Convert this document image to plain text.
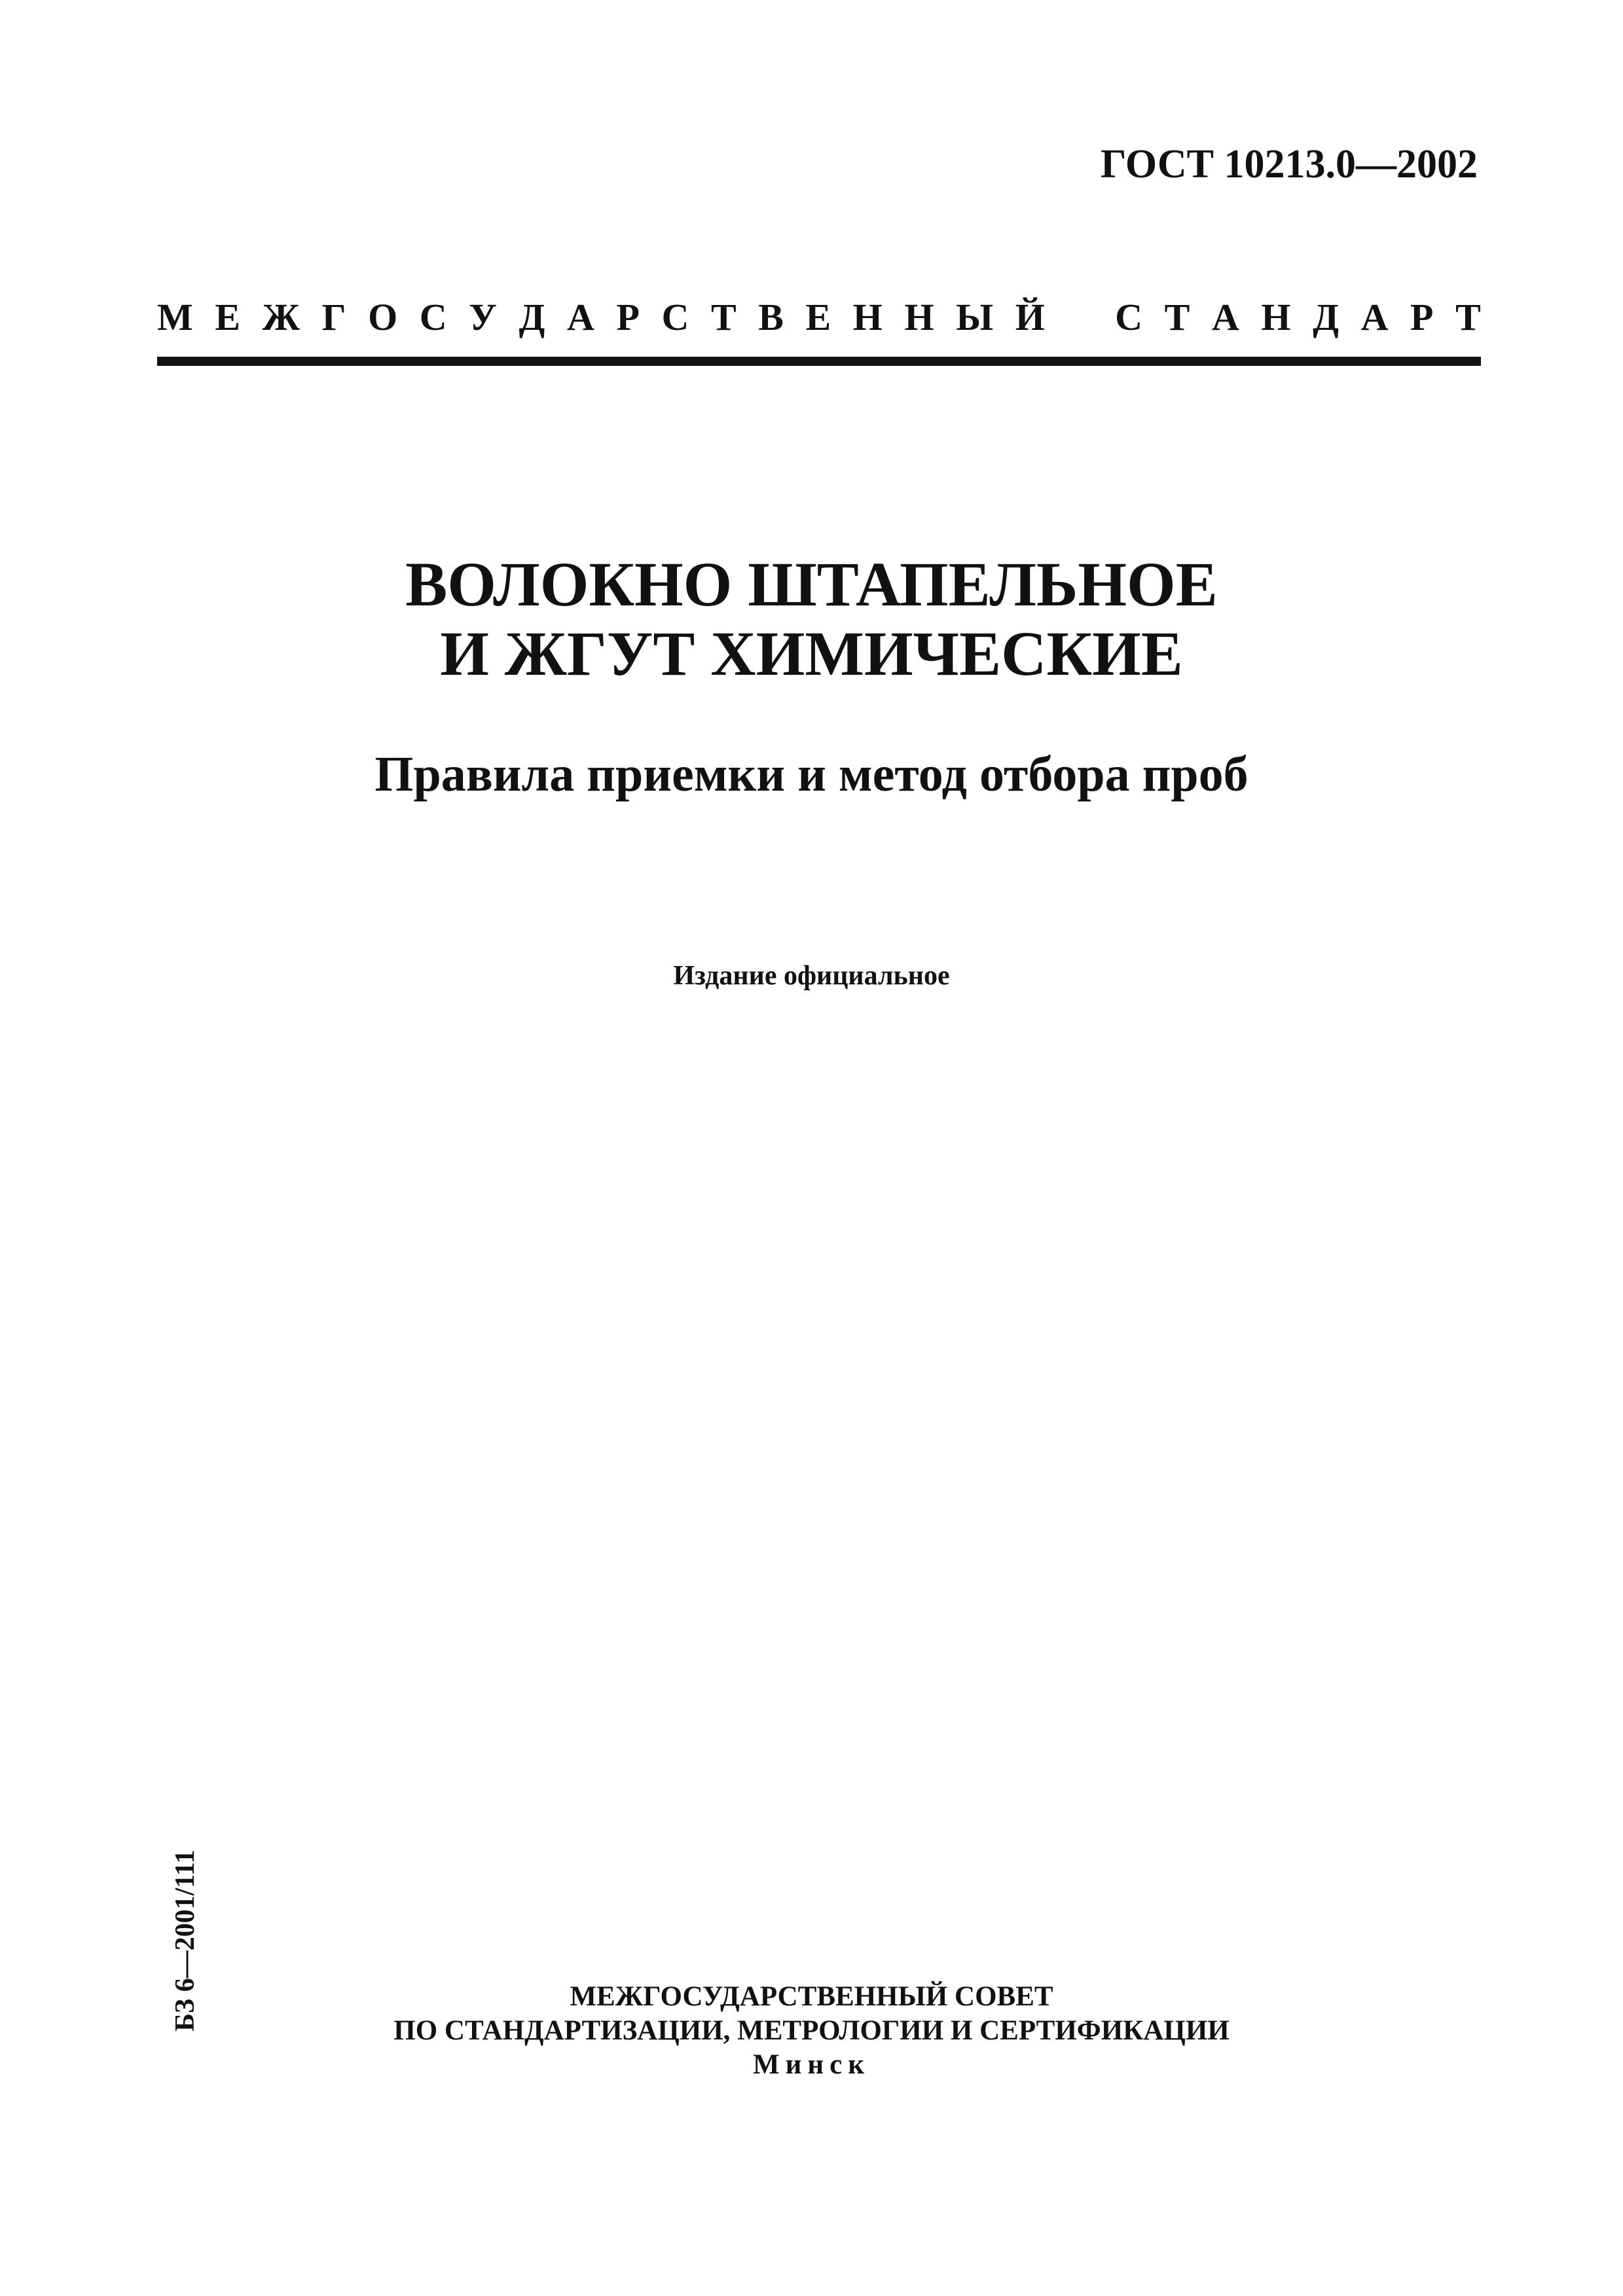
ГОСТ 10213.0—2002
М Е Ж Г О С У Д А Р С Т В Е Н Н Ы Й С Т А Н Д А Р Т
ВОЛОКНО ШТАПЕЛЬНОЕ
И ЖГУТ ХИМИЧЕСКИЕ
Правила приемки и метод отбора проб
Издание официальное
БЗ 6—2001/111	МЕЖГОСУДАРСТВЕННЫЙ СОВЕТ
ПО СТАНДАРТИЗАЦИИ, МЕТРОЛОГИИ И СЕРТИФИКАЦИИ
Минск
